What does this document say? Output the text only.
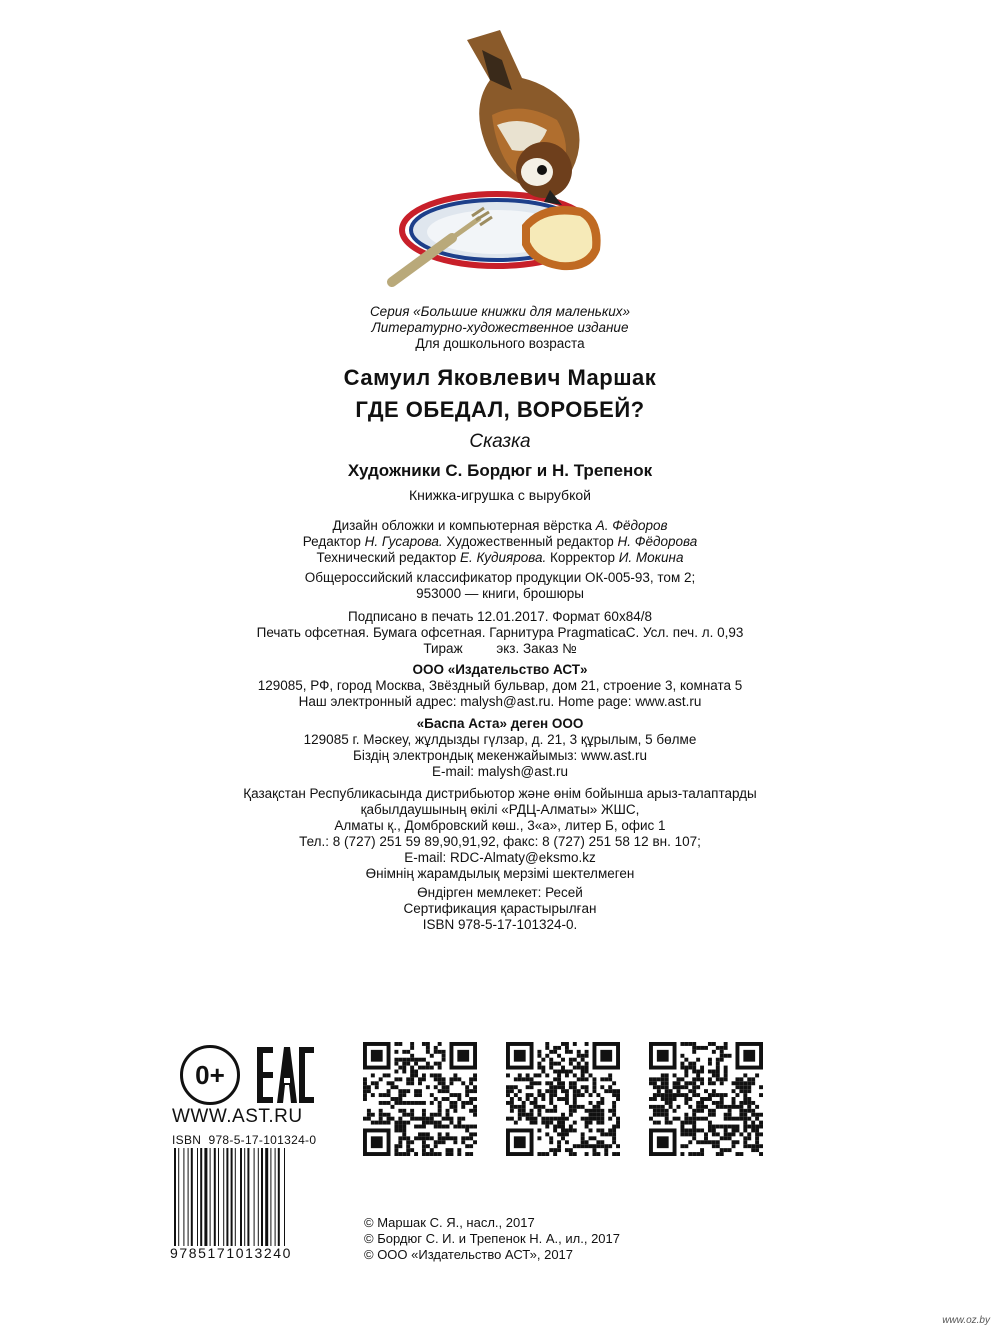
Серия «Большие книжки для маленьких»
Литературно-художественное издание
Для дошкольного возраста
Самуил Яковлевич Маршак
ГДЕ ОБЕДАЛ, ВОРОБЕЙ?
Сказка
Художники С. Бордюг и Н. Трепенок
Книжка-игрушка с вырубкой
Дизайн обложки и компьютерная вёрстка А. Фёдоров
Редактор Н. Гусарова. Художественный редактор Н. Фёдорова
Технический редактор Е. Кудиярова. Корректор И. Мокина
Общероссийский классификатор продукции ОК-005-93, том 2;
953000 — книги, брошюры
Подписано в печать 12.01.2017. Формат 60х84/8
Печать офсетная. Бумага офсетная. Гарнитура PragmaticaC. Усл. печ. л. 0,93
Тираж         экз. Заказ №
ООО «Издательство АСТ»
129085, РФ, город Москва, Звёздный бульвар, дом 21, строение 3, комната 5
Наш электронный адрес: malysh@ast.ru. Home page: www.ast.ru
«Баспа Аста» деген ООО
129085 г. Мәскеу, жұлдызды гүлзар, д. 21, 3 құрылым, 5 бөлме
Біздің электрондық мекенжайымыз: www.ast.ru
E-mail: malysh@ast.ru
Қазақстан Республикасында дистрибьютор және өнім бойынша арыз-талаптарды
қабылдаушының өкілі «РДЦ-Алматы» ЖШС,
Алматы қ., Домбровский көш., 3«а», литер Б, офис 1
Тел.: 8 (727) 251 59 89,90,91,92, факс: 8 (727) 251 58 12 вн. 107;
E-mail: RDC-Almaty@eksmo.kz
Өнімнің жарамдылық мерзімі шектелмеген
Өндірген мемлекет: Ресей
Сертификация қарастырылған
ISBN 978-5-17-101324-0.
0+
WWW.AST.RU
ISBN  978-5-17-101324-0
9785171013240
© Маршак С. Я., насл., 2017
© Бордюг С. И. и Трепенок Н. А., ил., 2017
© ООО «Издательство АСТ», 2017
www.oz.by
